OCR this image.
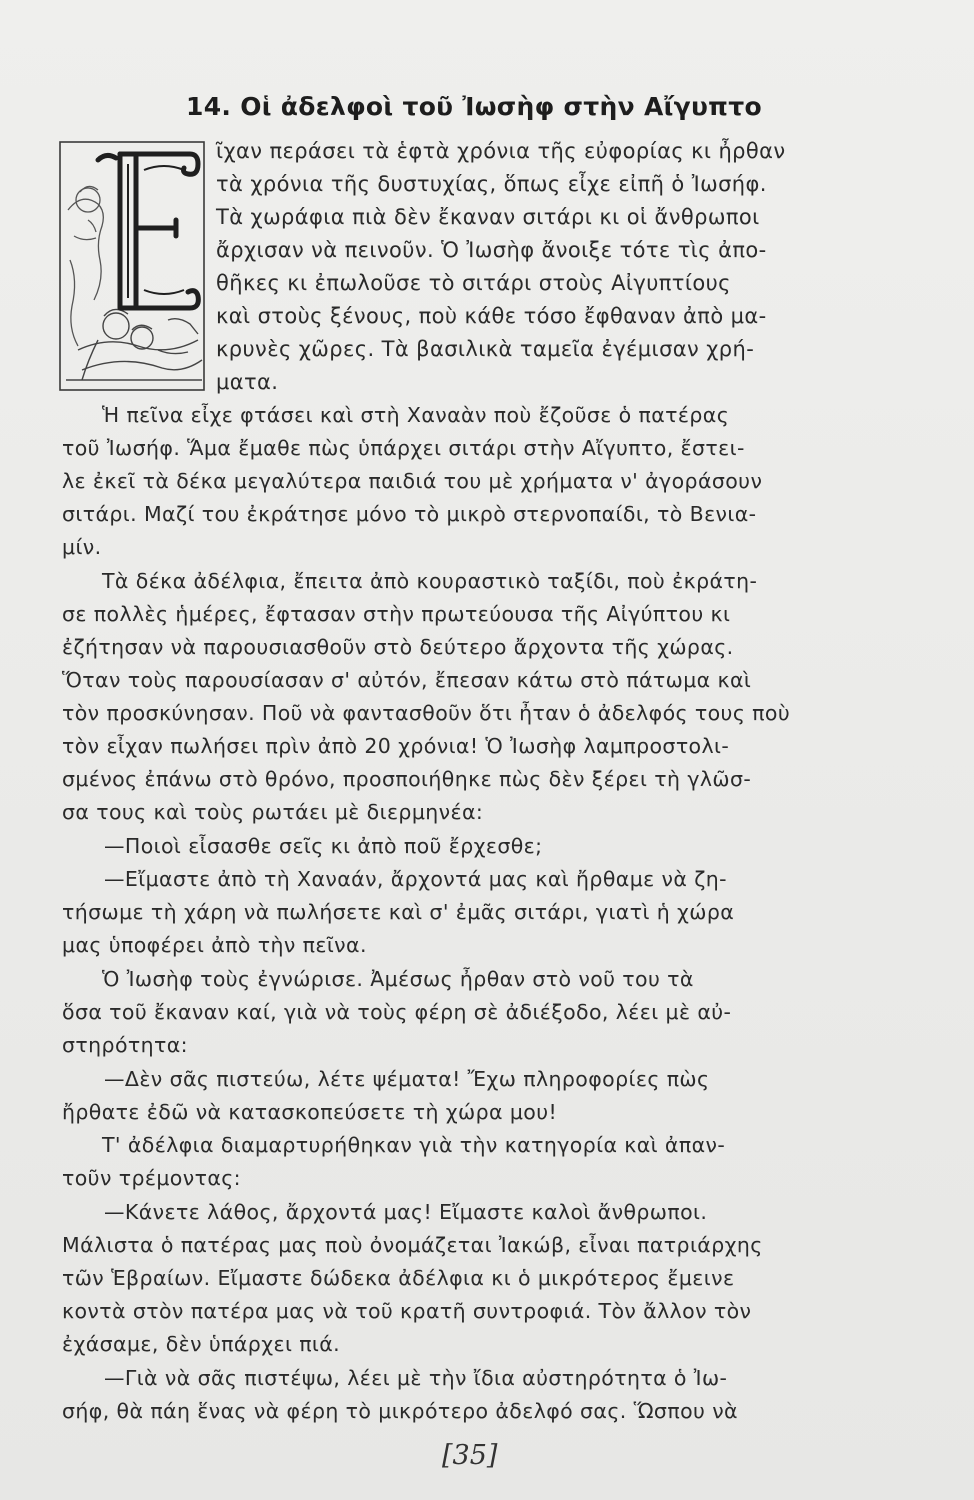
14. Οἱ ἀδελφοὶ τοῦ Ἰωσὴφ στὴν Αἴγυπτο
ῖχαν περάσει τὰ ἑφτὰ χρόνια τῆς εὐφορίας κι ἦρθαν
τὰ χρόνια τῆς δυστυχίας, ὅπως εἶχε εἰπῆ ὁ Ἰωσήφ.
Τὰ χωράφια πιὰ δὲν ἔκαναν σιτάρι κι οἱ ἄνθρωποι
ἄρχισαν νὰ πεινοῦν. Ὁ Ἰωσὴφ ἄνοιξε τότε τὶς ἀπο-
θῆκες κι ἐπωλοῦσε τὸ σιτάρι στοὺς Αἰγυπτίους
καὶ στοὺς ξένους, ποὺ κάθε τόσο ἔφθαναν ἀπὸ μα-
κρυνὲς χῶρες. Τὰ βασιλικὰ ταμεῖα ἐγέμισαν χρή-
ματα.
Ἡ πεῖνα εἶχε φτάσει καὶ στὴ Χαναὰν ποὺ ἔζοῦσε ὁ πατέρας
τοῦ Ἰωσήφ. Ἅμα ἔμαθε πὼς ὑπάρχει σιτάρι στὴν Αἴγυπτο, ἔστει-
λε ἐκεῖ τὰ δέκα μεγαλύτερα παιδιά του μὲ χρήματα ν' ἀγοράσουν
σιτάρι. Μαζί του ἐκράτησε μόνο τὸ μικρὸ στερνοπαίδι, τὸ Βενια-
μίν.
Τὰ δέκα ἀδέλφια, ἔπειτα ἀπὸ κουραστικὸ ταξίδι, ποὺ ἐκράτη-
σε πολλὲς ἡμέρες, ἔφτασαν στὴν πρωτεύουσα τῆς Αἰγύπτου κι
ἐζήτησαν νὰ παρουσιασθοῦν στὸ δεύτερο ἄρχοντα τῆς χώρας.
Ὅταν τοὺς παρουσίασαν σ' αὐτόν, ἔπεσαν κάτω στὸ πάτωμα καὶ
τὸν προσκύνησαν. Ποῦ νὰ φαντασθοῦν ὅτι ἦταν ὁ ἀδελφός τους ποὺ
τὸν εἶχαν πωλήσει πρὶν ἀπὸ 20 χρόνια! Ὁ Ἰωσὴφ λαμπροστολι-
σμένος ἐπάνω στὸ θρόνο, προσποιήθηκε πὼς δὲν ξέρει τὴ γλῶσ-
σα τους καὶ τοὺς ρωτάει μὲ διερμηνέα:
—Ποιοὶ εἶσασθε σεῖς κι ἀπὸ ποῦ ἔρχεσθε;
—Εἴμαστε ἀπὸ τὴ Χαναάν, ἄρχοντά μας καὶ ἤρθαμε νὰ ζη-
τήσωμε τὴ χάρη νὰ πωλήσετε καὶ σ' ἐμᾶς σιτάρι, γιατὶ ἡ χώρα
μας ὑποφέρει ἀπὸ τὴν πεῖνα.
Ὁ Ἰωσὴφ τοὺς ἐγνώρισε. Ἀμέσως ἦρθαν στὸ νοῦ του τὰ
ὅσα τοῦ ἔκαναν καί, γιὰ νὰ τοὺς φέρη σὲ ἀδιέξοδο, λέει μὲ αὐ-
στηρότητα:
—Δὲν σᾶς πιστεύω, λέτε ψέματα! Ἔχω πληροφορίες πὼς
ἤρθατε ἐδῶ νὰ κατασκοπεύσετε τὴ χώρα μου!
Τ' ἀδέλφια διαμαρτυρήθηκαν γιὰ τὴν κατηγορία καὶ ἀπαν-
τοῦν τρέμοντας:
—Κάνετε λάθος, ἄρχοντά μας! Εἴμαστε καλοὶ ἄνθρωποι.
Μάλιστα ὁ πατέρας μας ποὺ ὀνομάζεται Ἰακώβ, εἶναι πατριάρχης
τῶν Ἑβραίων. Εἴμαστε δώδεκα ἀδέλφια κι ὁ μικρότερος ἔμεινε
κοντὰ στὸν πατέρα μας νὰ τοῦ κρατῆ συντροφιά. Τὸν ἄλλον τὸν
ἐχάσαμε, δὲν ὑπάρχει πιά.
—Γιὰ νὰ σᾶς πιστέψω, λέει μὲ τὴν ἴδια αὐστηρότητα ὁ Ἰω-
σήφ, θὰ πάη ἕνας νὰ φέρη τὸ μικρότερο ἀδελφό σας. Ὥσπου νὰ
[35]
